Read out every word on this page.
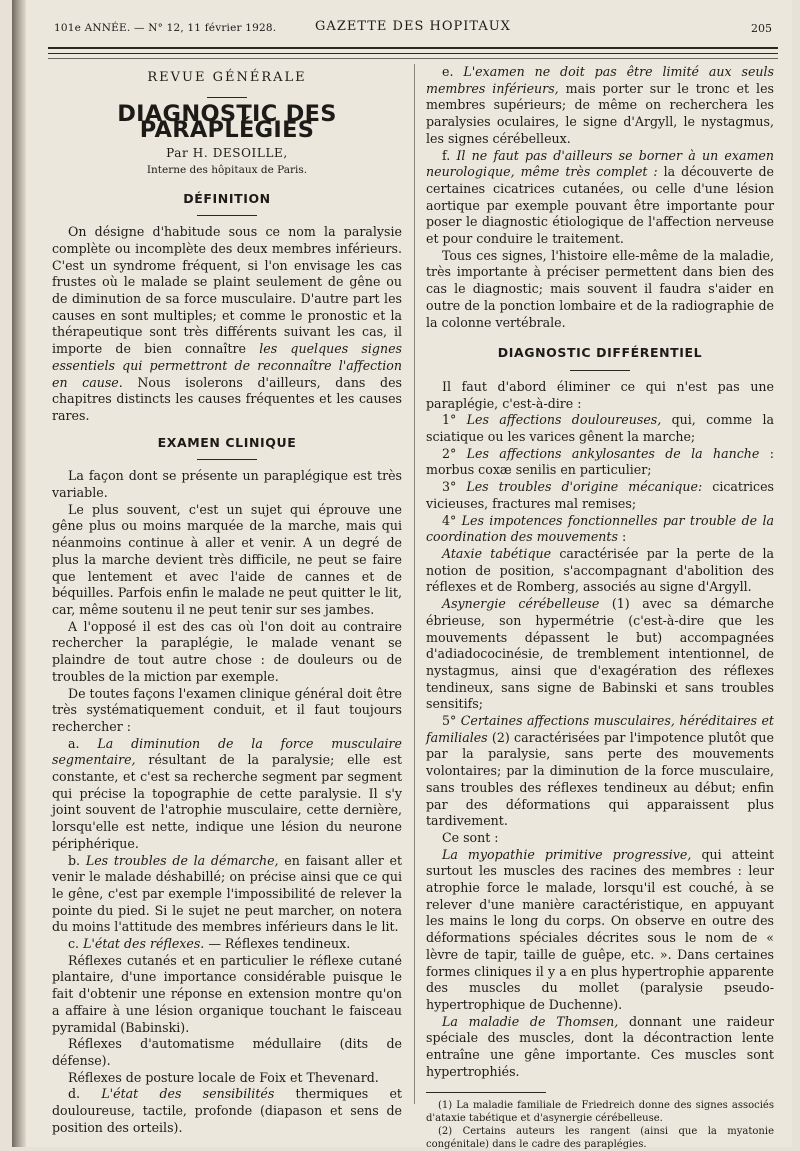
101e ANNÉE. — N° 12, 11 février 1928.	GAZETTE DES HOPITAUX	205
REVUE GÉNÉRALE
DIAGNOSTIC DES PARAPLÉGIES
Par H. DESOILLE,
Interne des hôpitaux de Paris.
DÉFINITION

On désigne d'habitude sous ce nom la paralysie complète ou incomplète des deux membres inférieurs. C'est un syndrome fréquent, si l'on envisage les cas frustes où le malade se plaint seulement de gêne ou de diminution de sa force musculaire. D'autre part les causes en sont multiples; et comme le pronostic et la thérapeutique sont très différents suivant les cas, il importe de bien connaître les quelques signes essentiels qui permettront de reconnaître l'affection en cause. Nous isolerons d'ailleurs, dans des chapitres distincts les causes fréquentes et les causes rares.

EXAMEN CLINIQUE

La façon dont se présente un paraplégique est très variable.

Le plus souvent, c'est un sujet qui éprouve une gêne plus ou moins marquée de la marche, mais qui néanmoins continue à aller et venir. A un degré de plus la marche devient très difficile, ne peut se faire que lentement et avec l'aide de cannes et de béquilles. Parfois enfin le malade ne peut quitter le lit, car, même soutenu il ne peut tenir sur ses jambes.

A l'opposé il est des cas où l'on doit au contraire rechercher la paraplégie, le malade venant se plaindre de tout autre chose : de douleurs ou de troubles de la miction par exemple.

De toutes façons l'examen clinique général doit être très systématiquement conduit, et il faut toujours rechercher :

a. La diminution de la force musculaire segmentaire, résultant de la paralysie; elle est constante, et c'est sa recherche segment par segment qui précise la topographie de cette paralysie. Il s'y joint souvent de l'atrophie musculaire, cette dernière, lorsqu'elle est nette, indique une lésion du neurone périphérique.

b. Les troubles de la démarche, en faisant aller et venir le malade déshabillé; on précise ainsi que ce qui le gêne, c'est par exemple l'impossibilité de relever la pointe du pied. Si le sujet ne peut marcher, on notera du moins l'attitude des membres inférieurs dans le lit.

c. L'état des réflexes. — Réflexes tendineux.

Réflexes cutanés et en particulier le réflexe cutané plantaire, d'une importance considérable puisque le fait d'obtenir une réponse en extension montre qu'on a affaire à une lésion organique touchant le faisceau pyramidal (Babinski).

Réflexes d'automatisme médullaire (dits de défense).

Réflexes de posture locale de Foix et Thevenard.

d. L'état des sensibilités thermiques et douloureuse, tactile, profonde (diapason et sens de position des orteils).

e. L'examen ne doit pas être limité aux seuls membres inférieurs, mais porter sur le tronc et les membres supérieurs; de même on recherchera les paralysies oculaires, le signe d'Argyll, le nystagmus, les signes cérébelleux.

f. Il ne faut pas d'ailleurs se borner à un examen neurologique, même très complet : la découverte de certaines cicatrices cutanées, ou celle d'une lésion aortique par exemple pouvant être importante pour poser le diagnostic étiologique de l'affection nerveuse et pour conduire le traitement.

Tous ces signes, l'histoire elle-même de la maladie, très importante à préciser permettent dans bien des cas le diagnostic; mais souvent il faudra s'aider en outre de la ponction lombaire et de la radiographie de la colonne vertébrale.

DIAGNOSTIC DIFFÉRENTIEL

Il faut d'abord éliminer ce qui n'est pas une paraplégie, c'est-à-dire :

1° Les affections douloureuses, qui, comme la sciatique ou les varices gênent la marche;

2° Les affections ankylosantes de la hanche : morbus coxæ senilis en particulier;

3° Les troubles d'origine mécanique: cicatrices vicieuses, fractures mal remises;

4° Les impotences fonctionnelles par trouble de la coordination des mouvements :

Ataxie tabétique caractérisée par la perte de la notion de position, s'accompagnant d'abolition des réflexes et de Romberg, associés au signe d'Argyll.

Asynergie cérébelleuse (1) avec sa démarche ébrieuse, son hypermétrie (c'est-à-dire que les mouvements dépassent le but) accompagnées d'adiadococinésie, de tremblement intentionnel, de nystagmus, ainsi que d'exagération des réflexes tendineux, sans signe de Babinski et sans troubles sensitifs;

5° Certaines affections musculaires, héréditaires et familiales (2) caractérisées par l'impotence plutôt que par la paralysie, sans perte des mouvements volontaires; par la diminution de la force musculaire, sans troubles des réflexes tendineux au début; enfin par des déformations qui apparaissent plus tardivement.

Ce sont :

La myopathie primitive progressive, qui atteint surtout les muscles des racines des membres : leur atrophie force le malade, lorsqu'il est couché, à se relever d'une manière caractéristique, en appuyant les mains le long du corps. On observe en outre des déformations spéciales décrites sous le nom de « lèvre de tapir, taille de guêpe, etc. ». Dans certaines formes cliniques il y a en plus hypertrophie apparente des muscles du mollet (paralysie pseudo-hypertrophique de Duchenne).

La maladie de Thomsen, donnant une raideur spéciale des muscles, dont la décontraction lente entraîne une gêne importante. Ces muscles sont hypertrophiés.

(1) La maladie familiale de Friedreich donne des signes associés d'ataxie tabétique et d'asynergie cérébelleuse.

(2) Certains auteurs les rangent (ainsi que la myatonie congénitale) dans le cadre des paraplégies.
